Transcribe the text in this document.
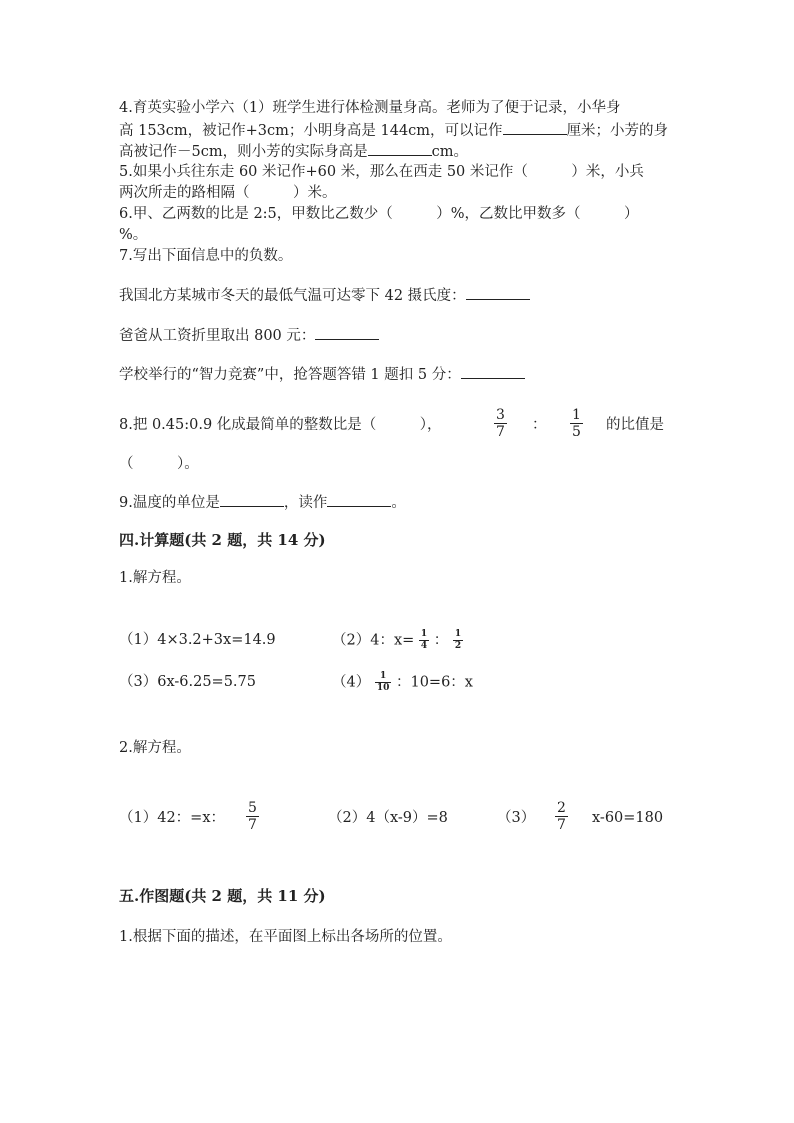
4.育英实验小学六（1）班学生进行体检测量身高。老师为了便于记录，小华身
高 153cm，被记作+3cm；小明身高是 144cm，可以记作	厘米；小芳的身
高被记作－5cm，则小芳的实际身高是	cm。
5.如果小兵往东走 60 米记作+60 米，那么在西走 50 米记作（　　　）米，小兵
两次所走的路相隔（　　　）米。
6.甲、乙两数的比是 2:5，甲数比乙数少（　　　）%，乙数比甲数多（　　　）
%。
7.写出下面信息中的负数。
我国北方某城市冬天的最低气温可达零下 42 摄氏度：
爸爸从工资折里取出 800 元：
学校举行的“智力竞赛”中，抢答题答错 1 题扣 5 分：
8.把 0.45:0.9 化成最简单的整数比是（　　　），
3
7 ：
1
5 的比值是
（　　　）。
9.温度的单位是	，读作	。
四.计算题(共 2 题，共 14 分)
1.解方程。
（1）4×3.2+3x=14.9	（2）4：$x= \frac{1}{4}$ ： $\frac{1}{2}$
（3）6x-6.25=5.75	$(4) \frac{1}{10}$ ：10=6：x
2.解方程。
（1）42：=x：
5
7	（2）4（x-9）=8	（3）
2
7 x-60=180
五.作图题(共 2 题，共 11 分)
1.根据下面的描述，在平面图上标出各场所的位置。
